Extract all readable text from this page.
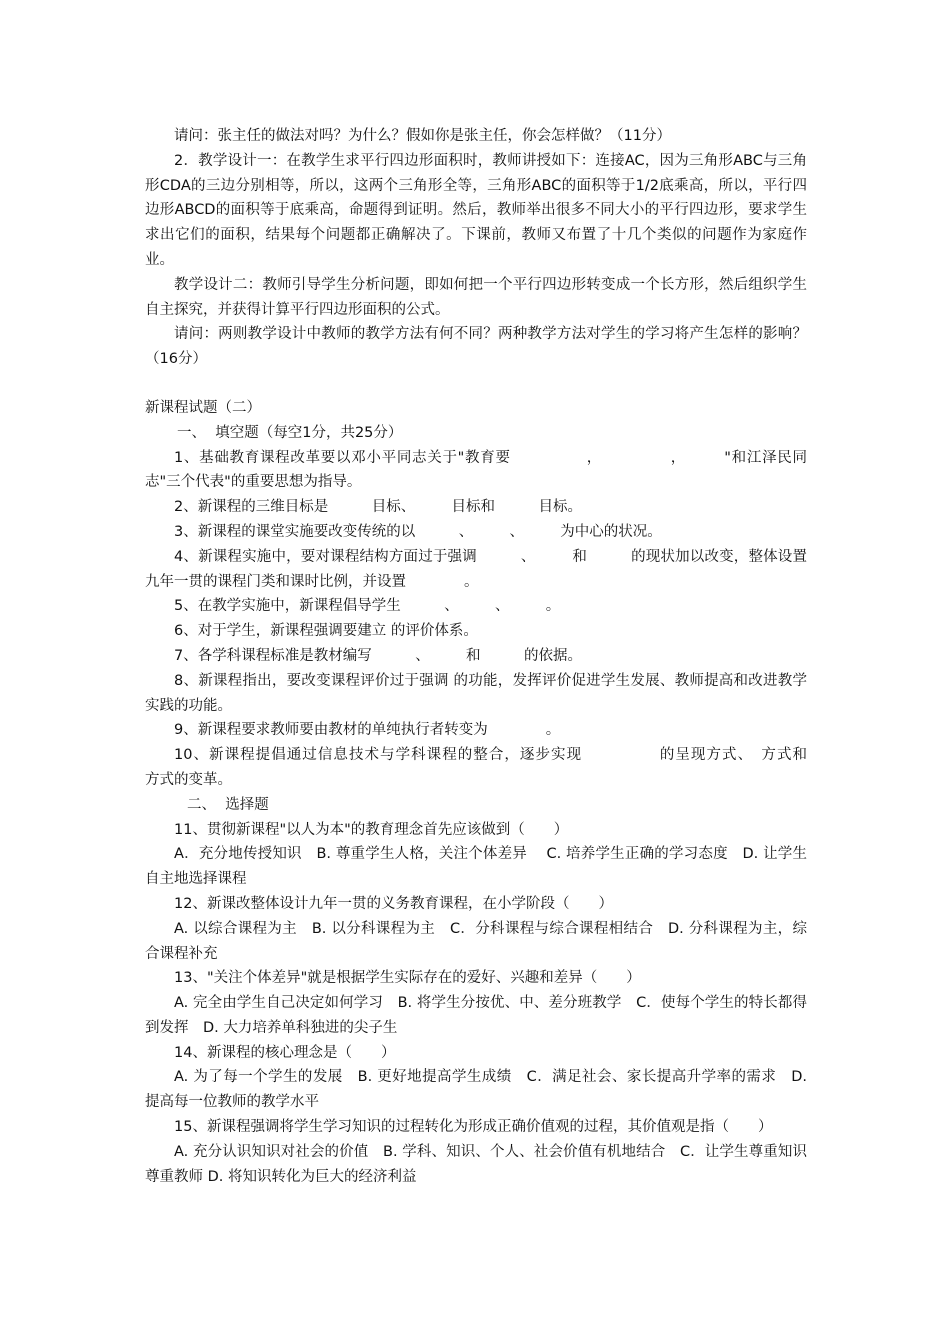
请问：张主任的做法对吗？为什么？假如你是张主任，你会怎样做？（11分）

2．教学设计一：在教学生求平行四边形面积时，教师讲授如下：连接AC，因为三角形ABC与三角形CDA的三边分别相等，所以，这两个三角形全等，三角形ABC的面积等于1/2底乘高，所以，平行四边形ABCD的面积等于底乘高，命题得到证明。然后，教师举出很多不同大小的平行四边形，要求学生求出它们的面积，结果每个问题都正确解决了。下课前，教师又布置了十几个类似的问题作为家庭作业。

教学设计二：教师引导学生分析问题，即如何把一个平行四边形转变成一个长方形，然后组织学生自主探究，并获得计算平行四边形面积的公式。

请问：两则教学设计中教师的教学方法有何不同？两种教学方法对学生的学习将产生怎样的影响？（16分）

新课程试题（二）

一、  填空题（每空1分，共25分）

1、基础教育课程改革要以邓小平同志关于"教育要　　　　　，　　　　　，　　　"和江泽民同志"三个代表"的重要思想为指导。

2、新课程的三维目标是　　　目标、　　　目标和　　　目标。

3、新课程的课堂实施要改变传统的以　　　、　　　、　　　为中心的状况。

4、新课程实施中，要对课程结构方面过于强调　　　、　　　和　　　的现状加以改变，整体设置九年一贯的课程门类和课时比例，并设置　　　　。

5、在教学实施中，新课程倡导学生　　　、　　　、　　　。

6、对于学生，新课程强调要建立 的评价体系。

7、各学科课程标准是教材编写　　　、　　　和　　　的依据。

8、新课程指出，要改变课程评价过于强调 的功能，发挥评价促进学生发展、教师提高和改进教学实践的功能。

9、新课程要求教师要由教材的单纯执行者转变为　　　　。

10、新课程提倡通过信息技术与学科课程的整合，逐步实现　　　　　的呈现方式、　方式和　　　　　方式的变革。

二、  选择题

11、贯彻新课程"以人为本"的教育理念首先应该做到（　　）

A．充分地传授知识　B. 尊重学生人格，关注个体差异　 C. 培养学生正确的学习态度　D. 让学生自主地选择课程

12、新课改整体设计九年一贯的义务教育课程，在小学阶段（　　）

A. 以综合课程为主　B. 以分科课程为主　C．分科课程与综合课程相结合　D. 分科课程为主，综合课程补充

13、"关注个体差异"就是根据学生实际存在的爱好、兴趣和差异（　　）

A. 完全由学生自己决定如何学习　B. 将学生分按优、中、差分班教学　C．使每个学生的特长都得到发挥　D. 大力培养单科独进的尖子生

14、新课程的核心理念是（　　）

A. 为了每一个学生的发展　B. 更好地提高学生成绩　C．满足社会、家长提高升学率的需求　D. 提高每一位教师的教学水平

15、新课程强调将学生学习知识的过程转化为形成正确价值观的过程，其价值观是指（　　）

A. 充分认识知识对社会的价值　B. 学科、知识、个人、社会价值有机地结合　C．让学生尊重知识尊重教师 D. 将知识转化为巨大的经济利益
